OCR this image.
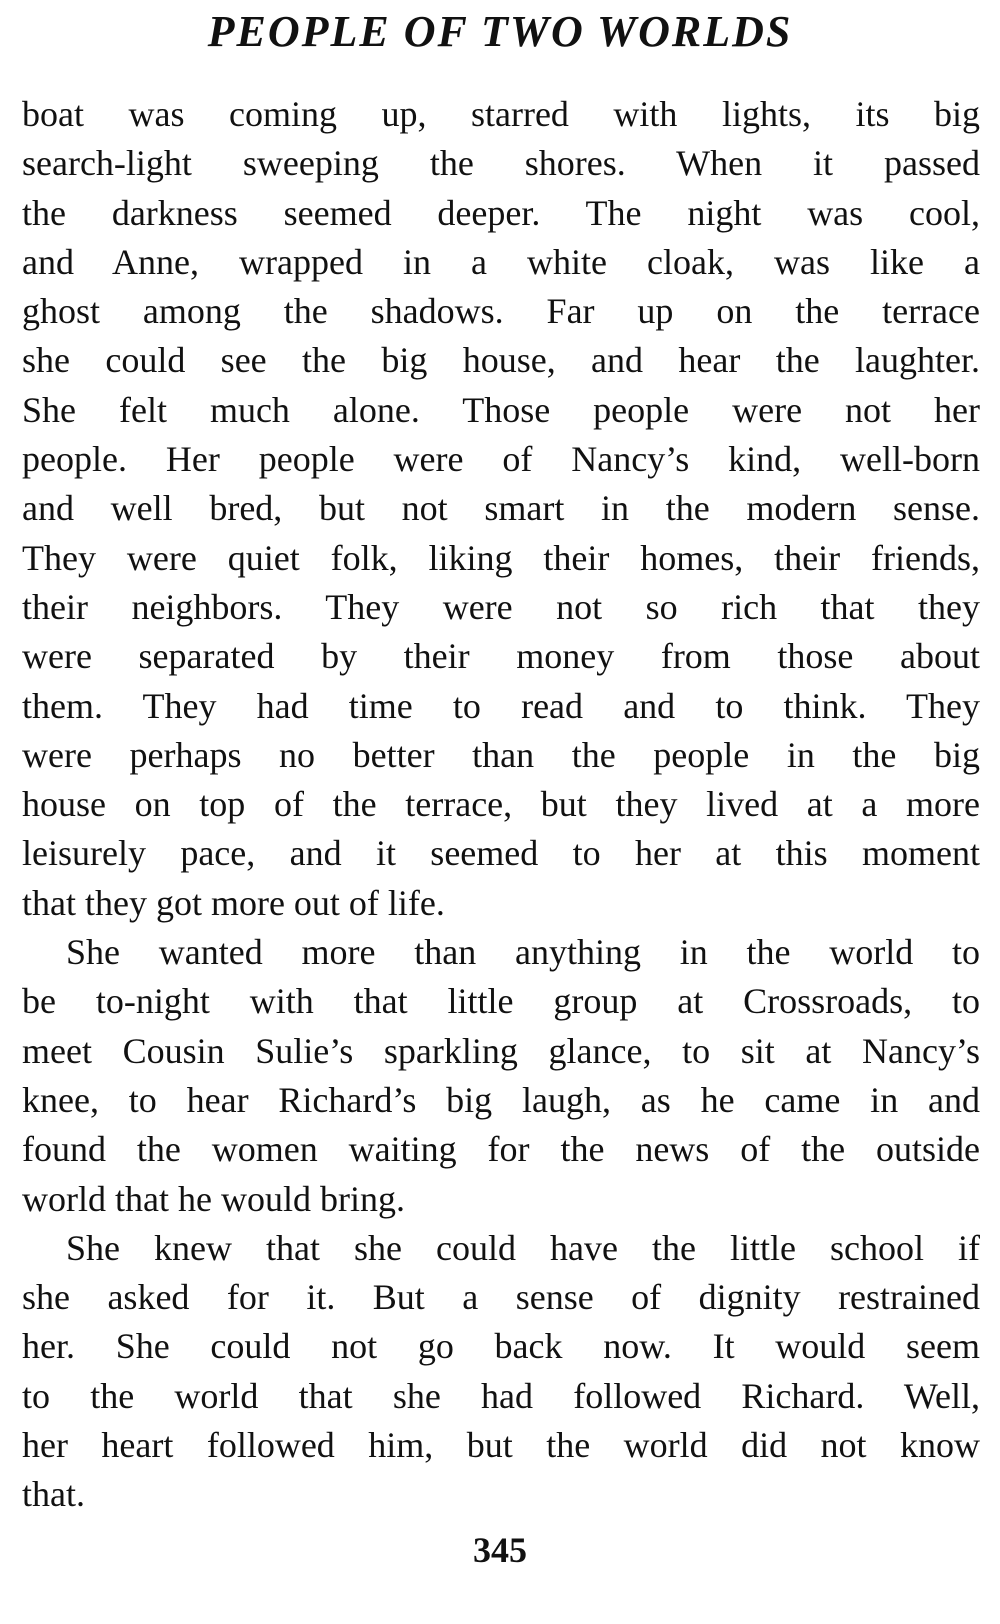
PEOPLE OF TWO WORLDS
boat was coming up, starred with lights, its big
search-light sweeping the shores. When it passed
the darkness seemed deeper. The night was cool,
and Anne, wrapped in a white cloak, was like a
ghost among the shadows. Far up on the terrace
she could see the big house, and hear the laughter.
She felt much alone. Those people were not her
people. Her people were of Nancy’s kind, well-born
and well bred, but not smart in the modern sense.
They were quiet folk, liking their homes, their friends,
their neighbors. They were not so rich that they
were separated by their money from those about
them. They had time to read and to think. They
were perhaps no better than the people in the big
house on top of the terrace, but they lived at a more
leisurely pace, and it seemed to her at this moment
that they got more out of life.
She wanted more than anything in the world to
be to-night with that little group at Crossroads, to
meet Cousin Sulie’s sparkling glance, to sit at Nancy’s
knee, to hear Richard’s big laugh, as he came in and
found the women waiting for the news of the outside
world that he would bring.
She knew that she could have the little school if
she asked for it. But a sense of dignity restrained
her. She could not go back now. It would seem
to the world that she had followed Richard. Well,
her heart followed him, but the world did not know
that.
345
